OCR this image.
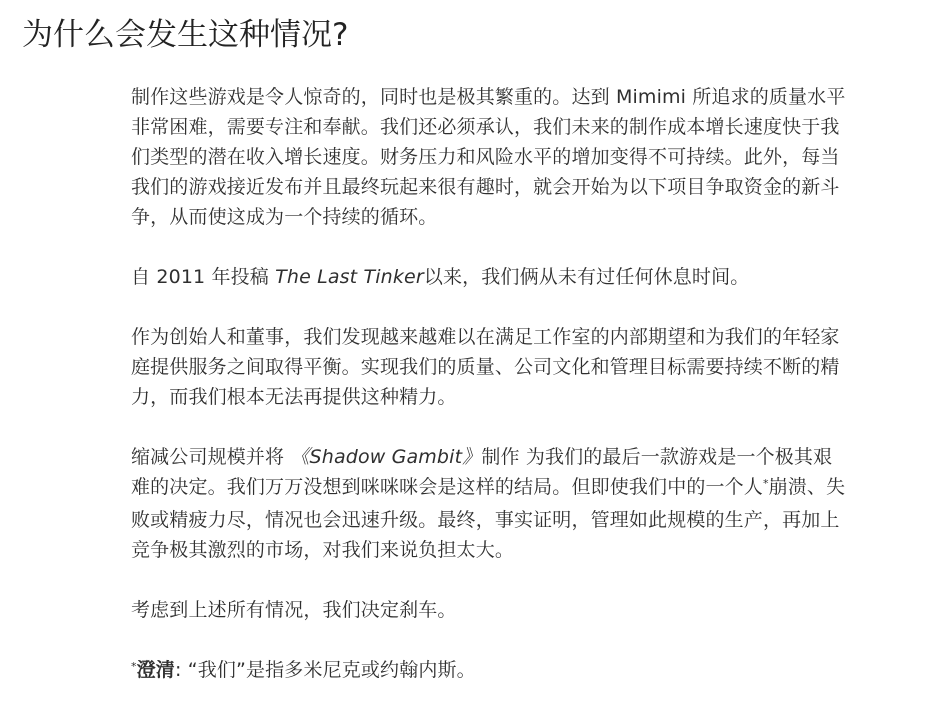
为什么会发生这种情况?

制作这些游戏是令人惊奇的，同时也是极其繁重的。达到 Mimimi 所追求的质量水平非常困难，需要专注和奉献。我们还必须承认，我们未来的制作成本增长速度快于我们类型的潜在收入增长速度。财务压力和风险水平的增加变得不可持续。此外，每当我们的游戏接近发布并且最终玩起来很有趣时，就会开始为以下项目争取资金的新斗争，从而使这成为一个持续的循环。

自 2011 年投稿 The Last Tinker以来，我们俩从未有过任何休息时间。

作为创始人和董事，我们发现越来越难以在满足工作室的内部期望和为我们的年轻家庭提供服务之间取得平衡。实现我们的质量、公司文化和管理目标需要持续不断的精力，而我们根本无法再提供这种精力。

缩减公司规模并将 《Shadow Gambit》制作 为我们的最后一款游戏是一个极其艰难的决定。我们万万没想到咪咪咪会是这样的结局。但即使我们中的一个人*崩溃、失败或精疲力尽，情况也会迅速升级。最终，事实证明，管理如此规模的生产，再加上竞争极其激烈的市场，对我们来说负担太大。

考虑到上述所有情况，我们决定刹车。

*澄清: “我们”是指多米尼克或约翰内斯。
